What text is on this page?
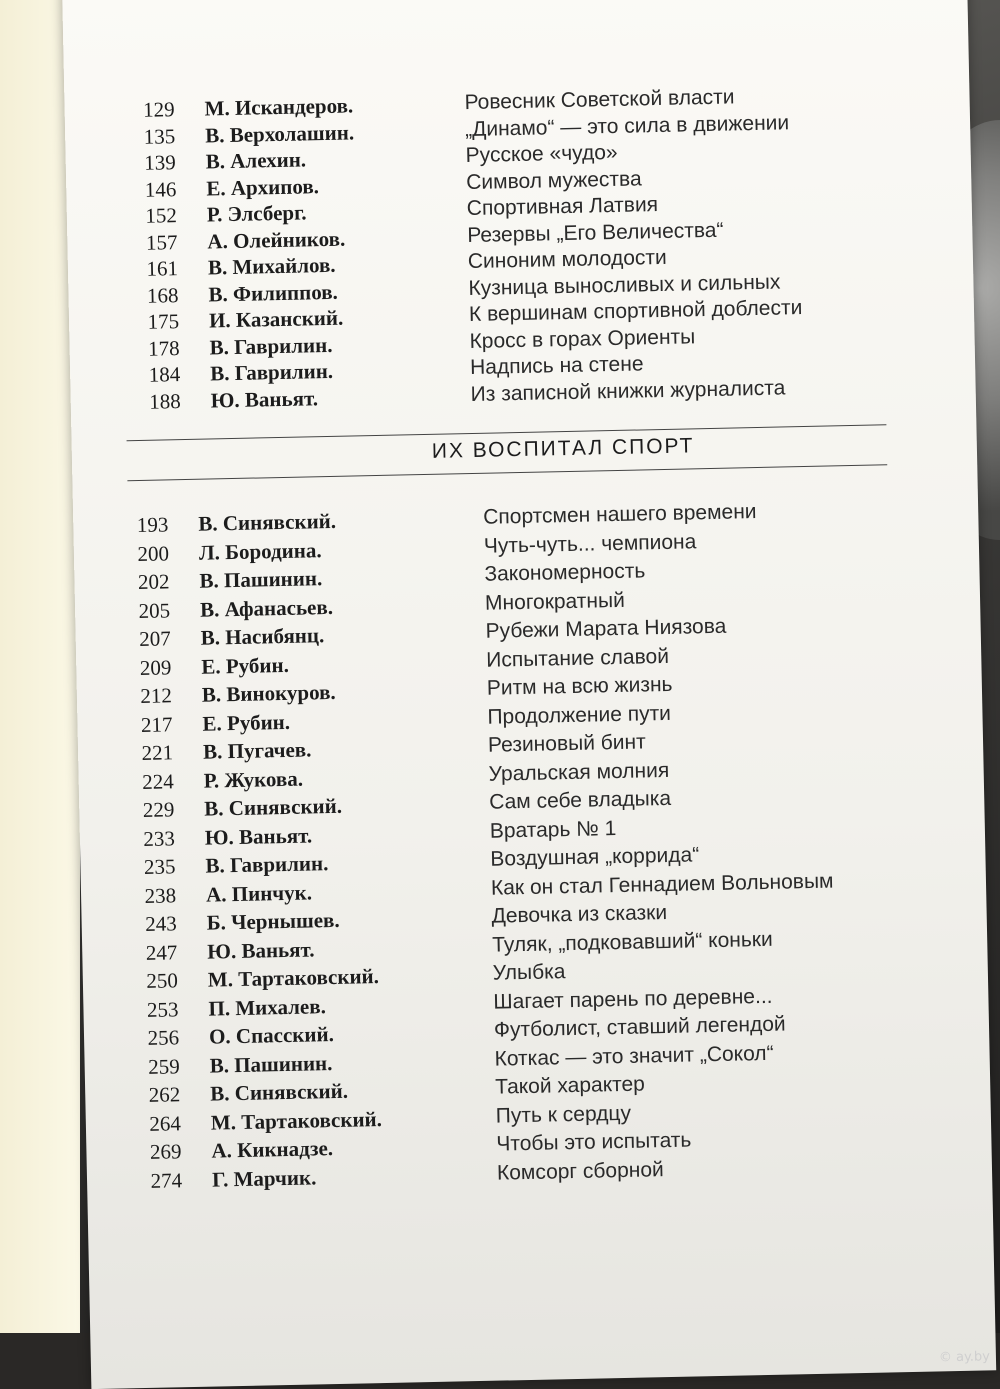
ИХ ВОСПИТАЛ СПОРТ
129 М. Искандеров.	Ровесник Советской власти
135 В. Верхолашин.	„Динамо“ — это сила в движении
139 В. Алехин.	Русское «чудо»
146 Е. Архипов.	Символ мужества
152 Р. Элсберг.	Спортивная Латвия
157 А. Олейников.	Резервы „Его Величества“
161 В. Михайлов.	Синоним молодости
168 В. Филиппов.	Кузница выносливых и сильных
175 И. Казанский.	К вершинам спортивной доблести
178 В. Гаврилин.	Кросс в горах Ориенты
184 В. Гаврилин.	Надпись на стене
188 Ю. Ваньят.	Из записной книжки журналиста
193 В. Синявский.	Спортсмен нашего времени
200 Л. Бородина.	Чуть-чуть... чемпиона
202 В. Пашинин.	Закономерность
205 В. Афанасьев.	Многократный
207 В. Насибянц.	Рубежи Марата Ниязова
209 Е. Рубин.	Испытание славой
212 В. Винокуров.	Ритм на всю жизнь
217 Е. Рубин.	Продолжение пути
221 В. Пугачев.	Резиновый бинт
224 Р. Жукова.	Уральская молния
229 В. Синявский.	Сам себе владыка
233 Ю. Ваньят.	Вратарь № 1
235 В. Гаврилин.	Воздушная „коррида“
238 А. Пинчук.	Как он стал Геннадием Вольновым
243 Б. Чернышев.	Девочка из сказки
247 Ю. Ваньят.	Туляк, „подковавший“ коньки
250 М. Тартаковский.	Улыбка
253 П. Михалев.	Шагает парень по деревне...
256 О. Спасский.	Футболист, ставший легендой
259 В. Пашинин.	Коткас — это значит „Сокол“
262 В. Синявский.	Такой характер
264 М. Тартаковский.	Путь к сердцу
269 А. Кикнадзе.	Чтобы это испытать
274 Г. Марчик.	Комсорг сборной
© ay.by
